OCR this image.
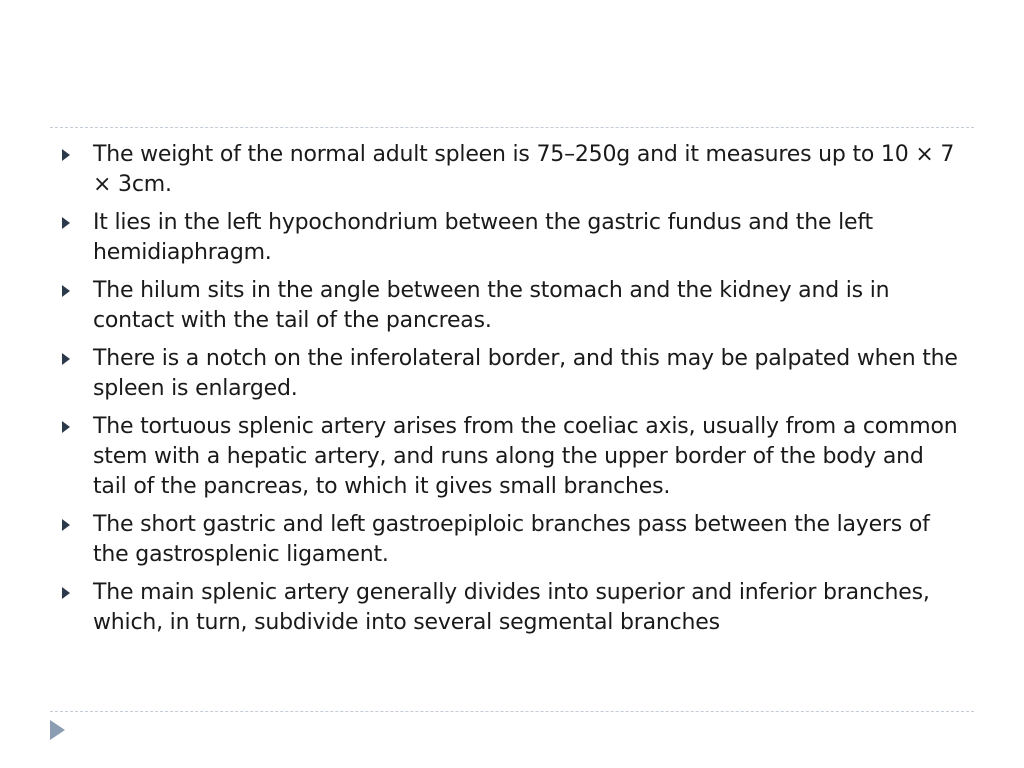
The weight of the normal adult spleen is 75–250g and it measures up to 10 × 7 × 3cm.
It lies in the left hypochondrium between the gastric fundus and the left hemidiaphragm.
The hilum sits in the angle between the stomach and the kidney and is in contact with the tail of the pancreas.
There is a notch on the inferolateral border, and this may be palpated when the spleen is enlarged.
The tortuous splenic artery arises from the coeliac axis, usually from a common stem with a hepatic artery, and runs along the upper border of the body and tail of the pancreas, to which it gives small branches.
The short gastric and left gastroepiploic branches pass between the layers of the gastrosplenic ligament.
The main splenic artery generally divides into superior and inferior branches, which, in turn, subdivide into several segmental branches
